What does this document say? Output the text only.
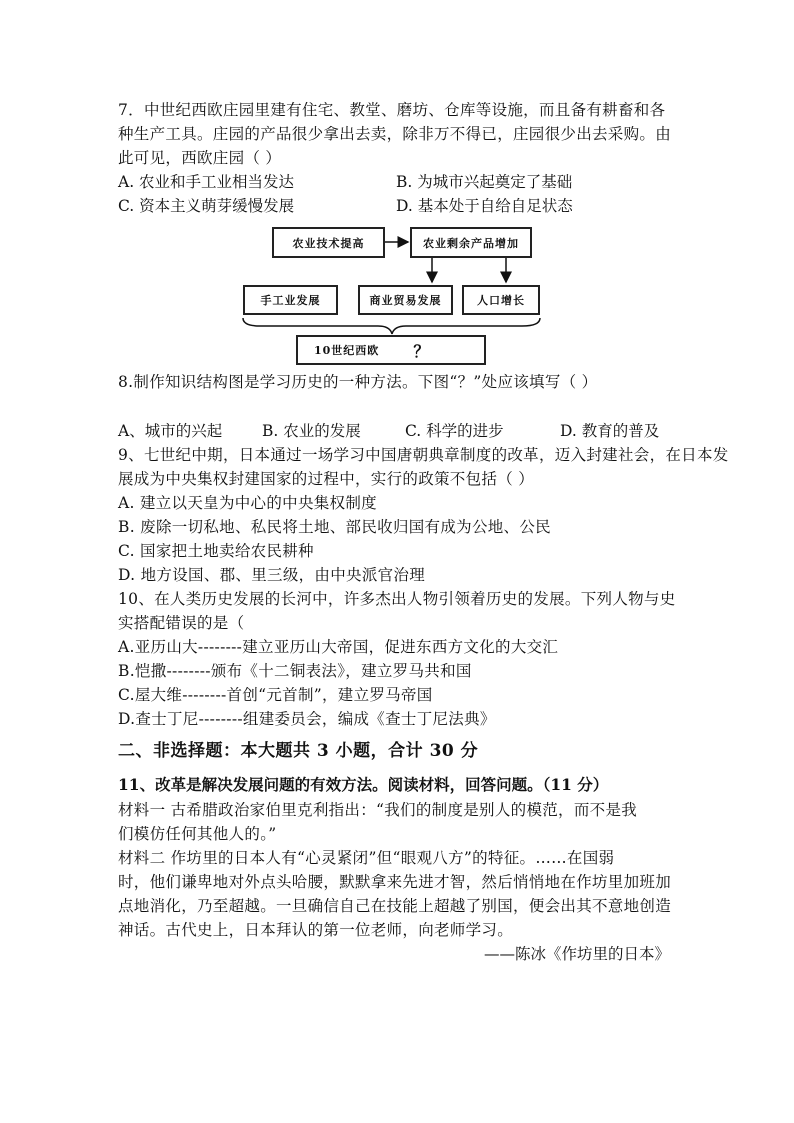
7．中世纪西欧庄园里建有住宅、教堂、磨坊、仓库等设施，而且备有耕畜和各
种生产工具。庄园的产品很少拿出去卖，除非万不得已，庄园很少出去采购。由
此可见，西欧庄园（ ）
A. 农业和手工业相当发达	B. 为城市兴起奠定了基础
C. 资本主义萌芽缓慢发展	D. 基本处于自给自足状态
农业技术提高	农业剩余产品增加
手工业发展	商业贸易发展	人口增长
10世纪西欧 ？
8.制作知识结构图是学习历史的一种方法。下图“？”处应该填写（ ）
A、城市的兴起	B. 农业的发展	C. 科学的进步	D. 教育的普及
9、七世纪中期，日本通过一场学习中国唐朝典章制度的改革，迈入封建社会，在日本发
展成为中央集权封建国家的过程中，实行的政策不包括（ ）
A. 建立以天皇为中心的中央集权制度
B. 废除一切私地、私民将土地、部民收归国有成为公地、公民
C. 国家把土地卖给农民耕种
D. 地方设国、郡、里三级，由中央派官治理
10、在人类历史发展的长河中，许多杰出人物引领着历史的发展。下列人物与史
实搭配错误的是（
A.亚历山大--------建立亚历山大帝国，促进东西方文化的大交汇
B.恺撒--------颁布《十二铜表法》，建立罗马共和国
C.屋大维--------首创“元首制”，建立罗马帝国
D.查士丁尼--------组建委员会，编成《查士丁尼法典》
二、非选择题：本大题共 3 小题，合计 30 分
11、改革是解决发展问题的有效方法。阅读材料，回答问题。（11 分）
材料一 古希腊政治家伯里克利指出：“我们的制度是别人的模范，而不是我
们模仿任何其他人的。”
材料二 作坊里的日本人有“心灵紧闭”但“眼观八方”的特征。……在国弱
时，他们谦卑地对外点头哈腰，默默拿来先进才智，然后悄悄地在作坊里加班加
点地消化，乃至超越。一旦确信自己在技能上超越了别国，便会出其不意地创造
神话。古代史上，日本拜认的第一位老师，向老师学习。
——陈冰《作坊里的日本》
